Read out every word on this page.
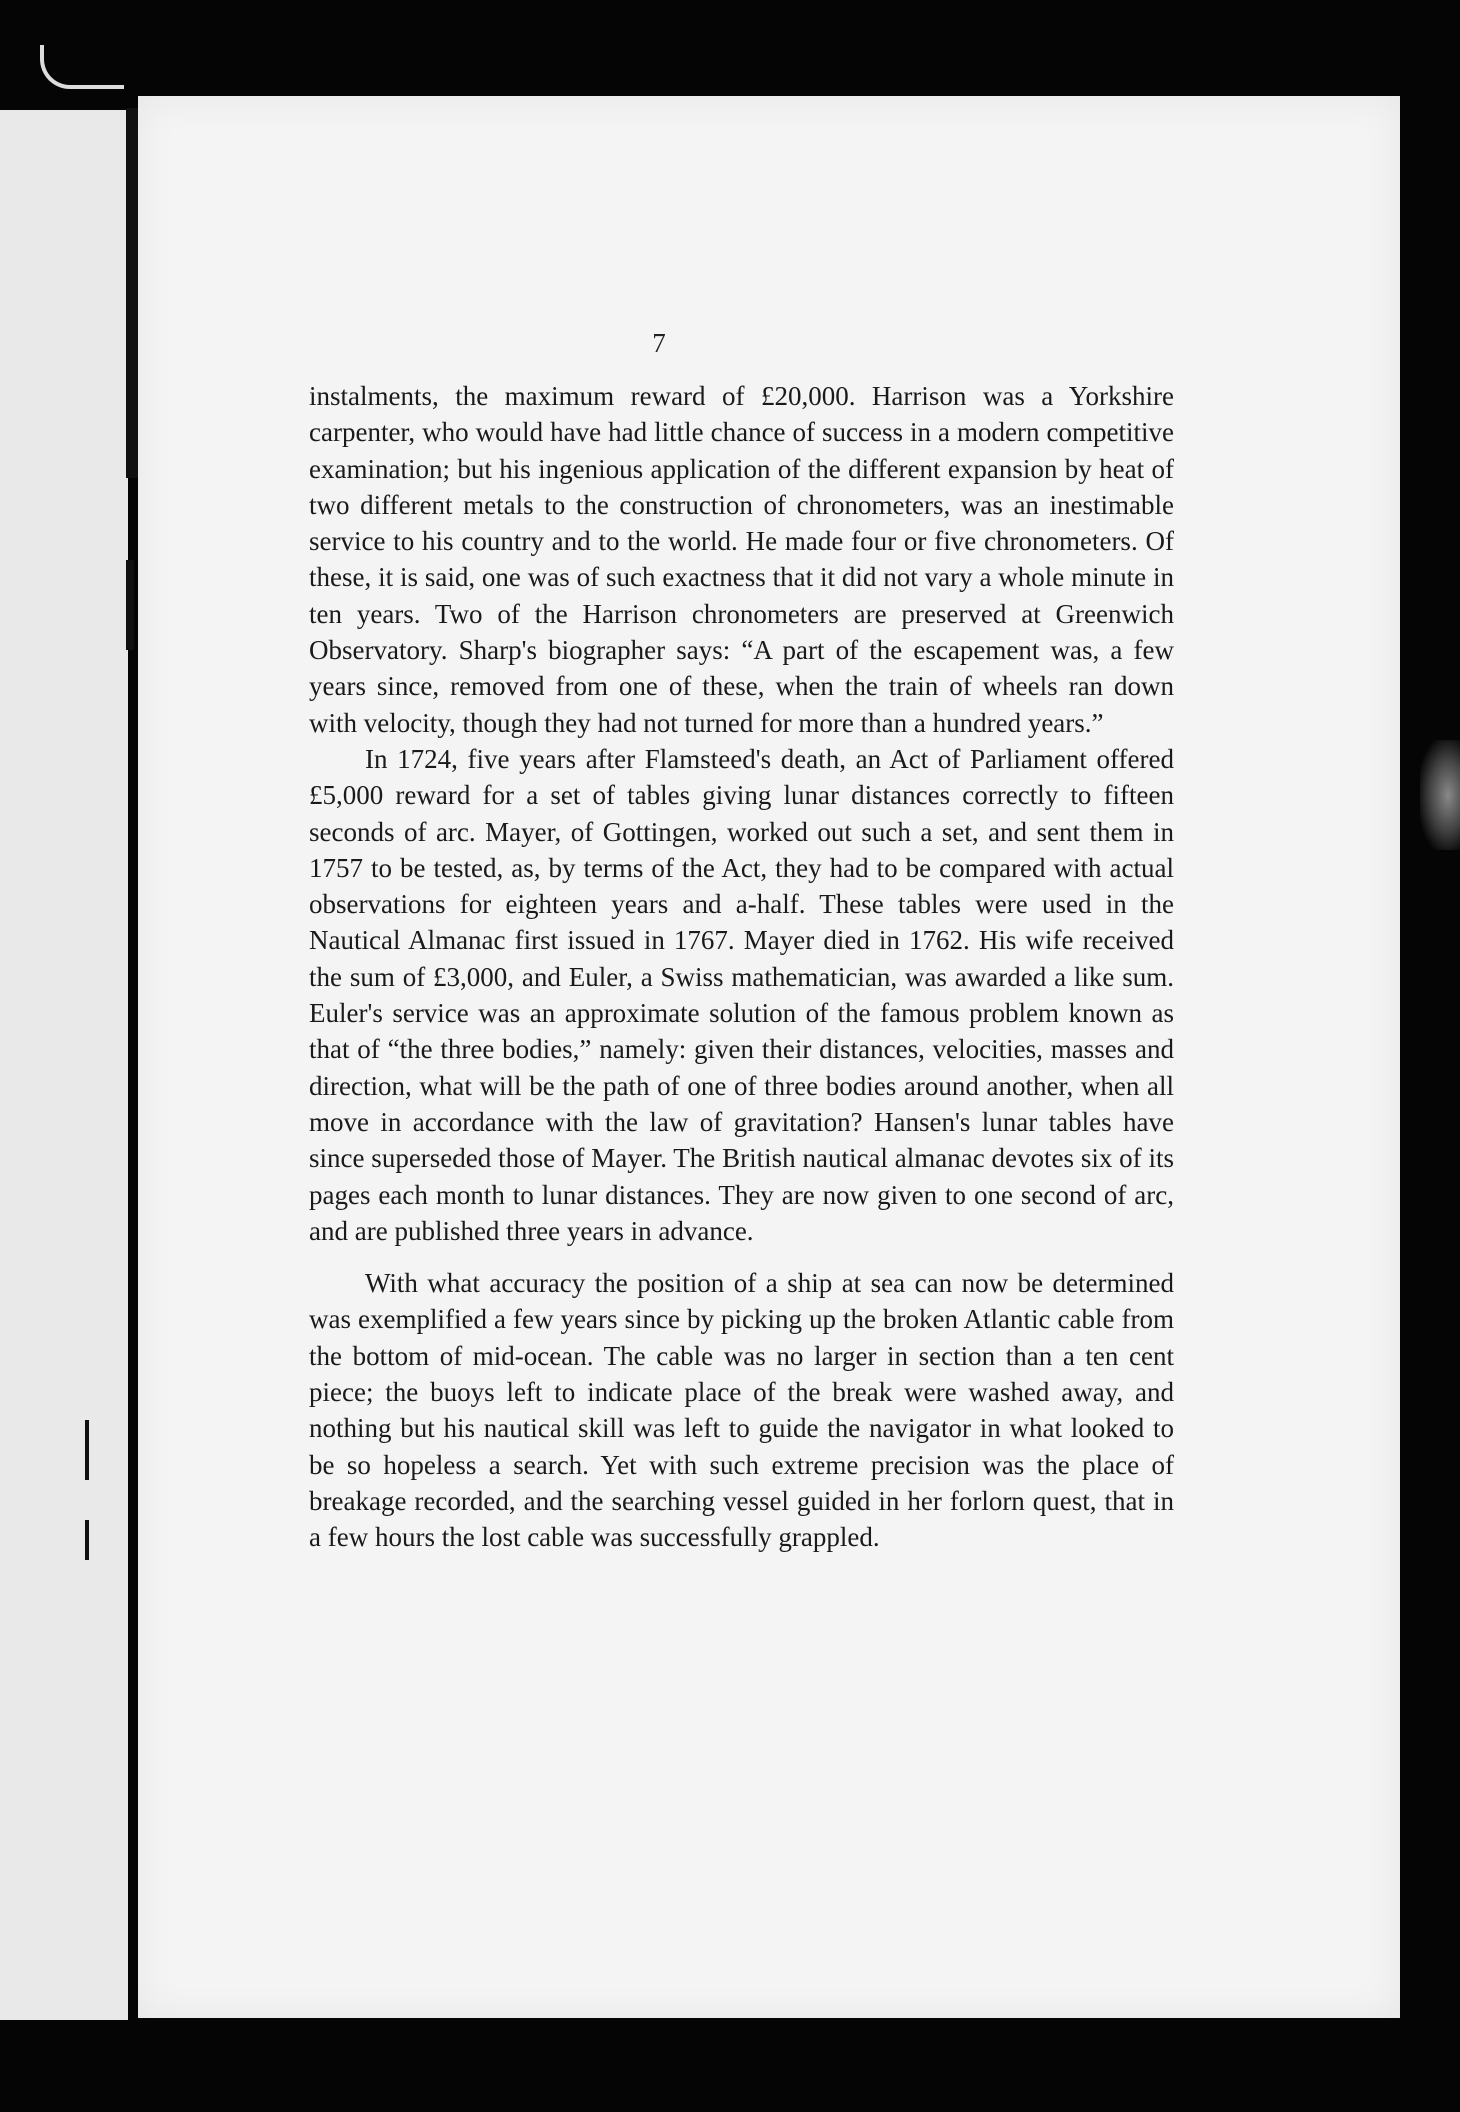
7

instalments, the maximum reward of £20,000. Harrison was a Yorkshire carpenter, who would have had little chance of success in a modern competitive examination; but his ingenious application of the different expansion by heat of two different metals to the construction of chronometers, was an inestimable service to his country and to the world. He made four or five chronometers. Of these, it is said, one was of such exactness that it did not vary a whole minute in ten years. Two of the Harrison chronometers are preserved at Greenwich Observatory. Sharp's biographer says: “A part of the escapement was, a few years since, removed from one of these, when the train of wheels ran down with velocity, though they had not turned for more than a hundred years.”

In 1724, five years after Flamsteed's death, an Act of Parliament offered £5,000 reward for a set of tables giving lunar distances correctly to fifteen seconds of arc. Mayer, of Gottingen, worked out such a set, and sent them in 1757 to be tested, as, by terms of the Act, they had to be compared with actual observations for eighteen years and a-half. These tables were used in the Nautical Almanac first issued in 1767. Mayer died in 1762. His wife received the sum of £3,000, and Euler, a Swiss mathematician, was awarded a like sum. Euler's service was an approximate solution of the famous problem known as that of “the three bodies,” namely: given their distances, velocities, masses and direction, what will be the path of one of three bodies around another, when all move in accordance with the law of gravitation? Hansen's lunar tables have since superseded those of Mayer. The British nautical almanac devotes six of its pages each month to lunar distances. They are now given to one second of arc, and are published three years in advance.

With what accuracy the position of a ship at sea can now be determined was exemplified a few years since by picking up the broken Atlantic cable from the bottom of mid-ocean. The cable was no larger in section than a ten cent piece; the buoys left to indicate place of the break were washed away, and nothing but his nautical skill was left to guide the navigator in what looked to be so hopeless a search. Yet with such extreme precision was the place of breakage recorded, and the searching vessel guided in her forlorn quest, that in a few hours the lost cable was successfully grappled.
